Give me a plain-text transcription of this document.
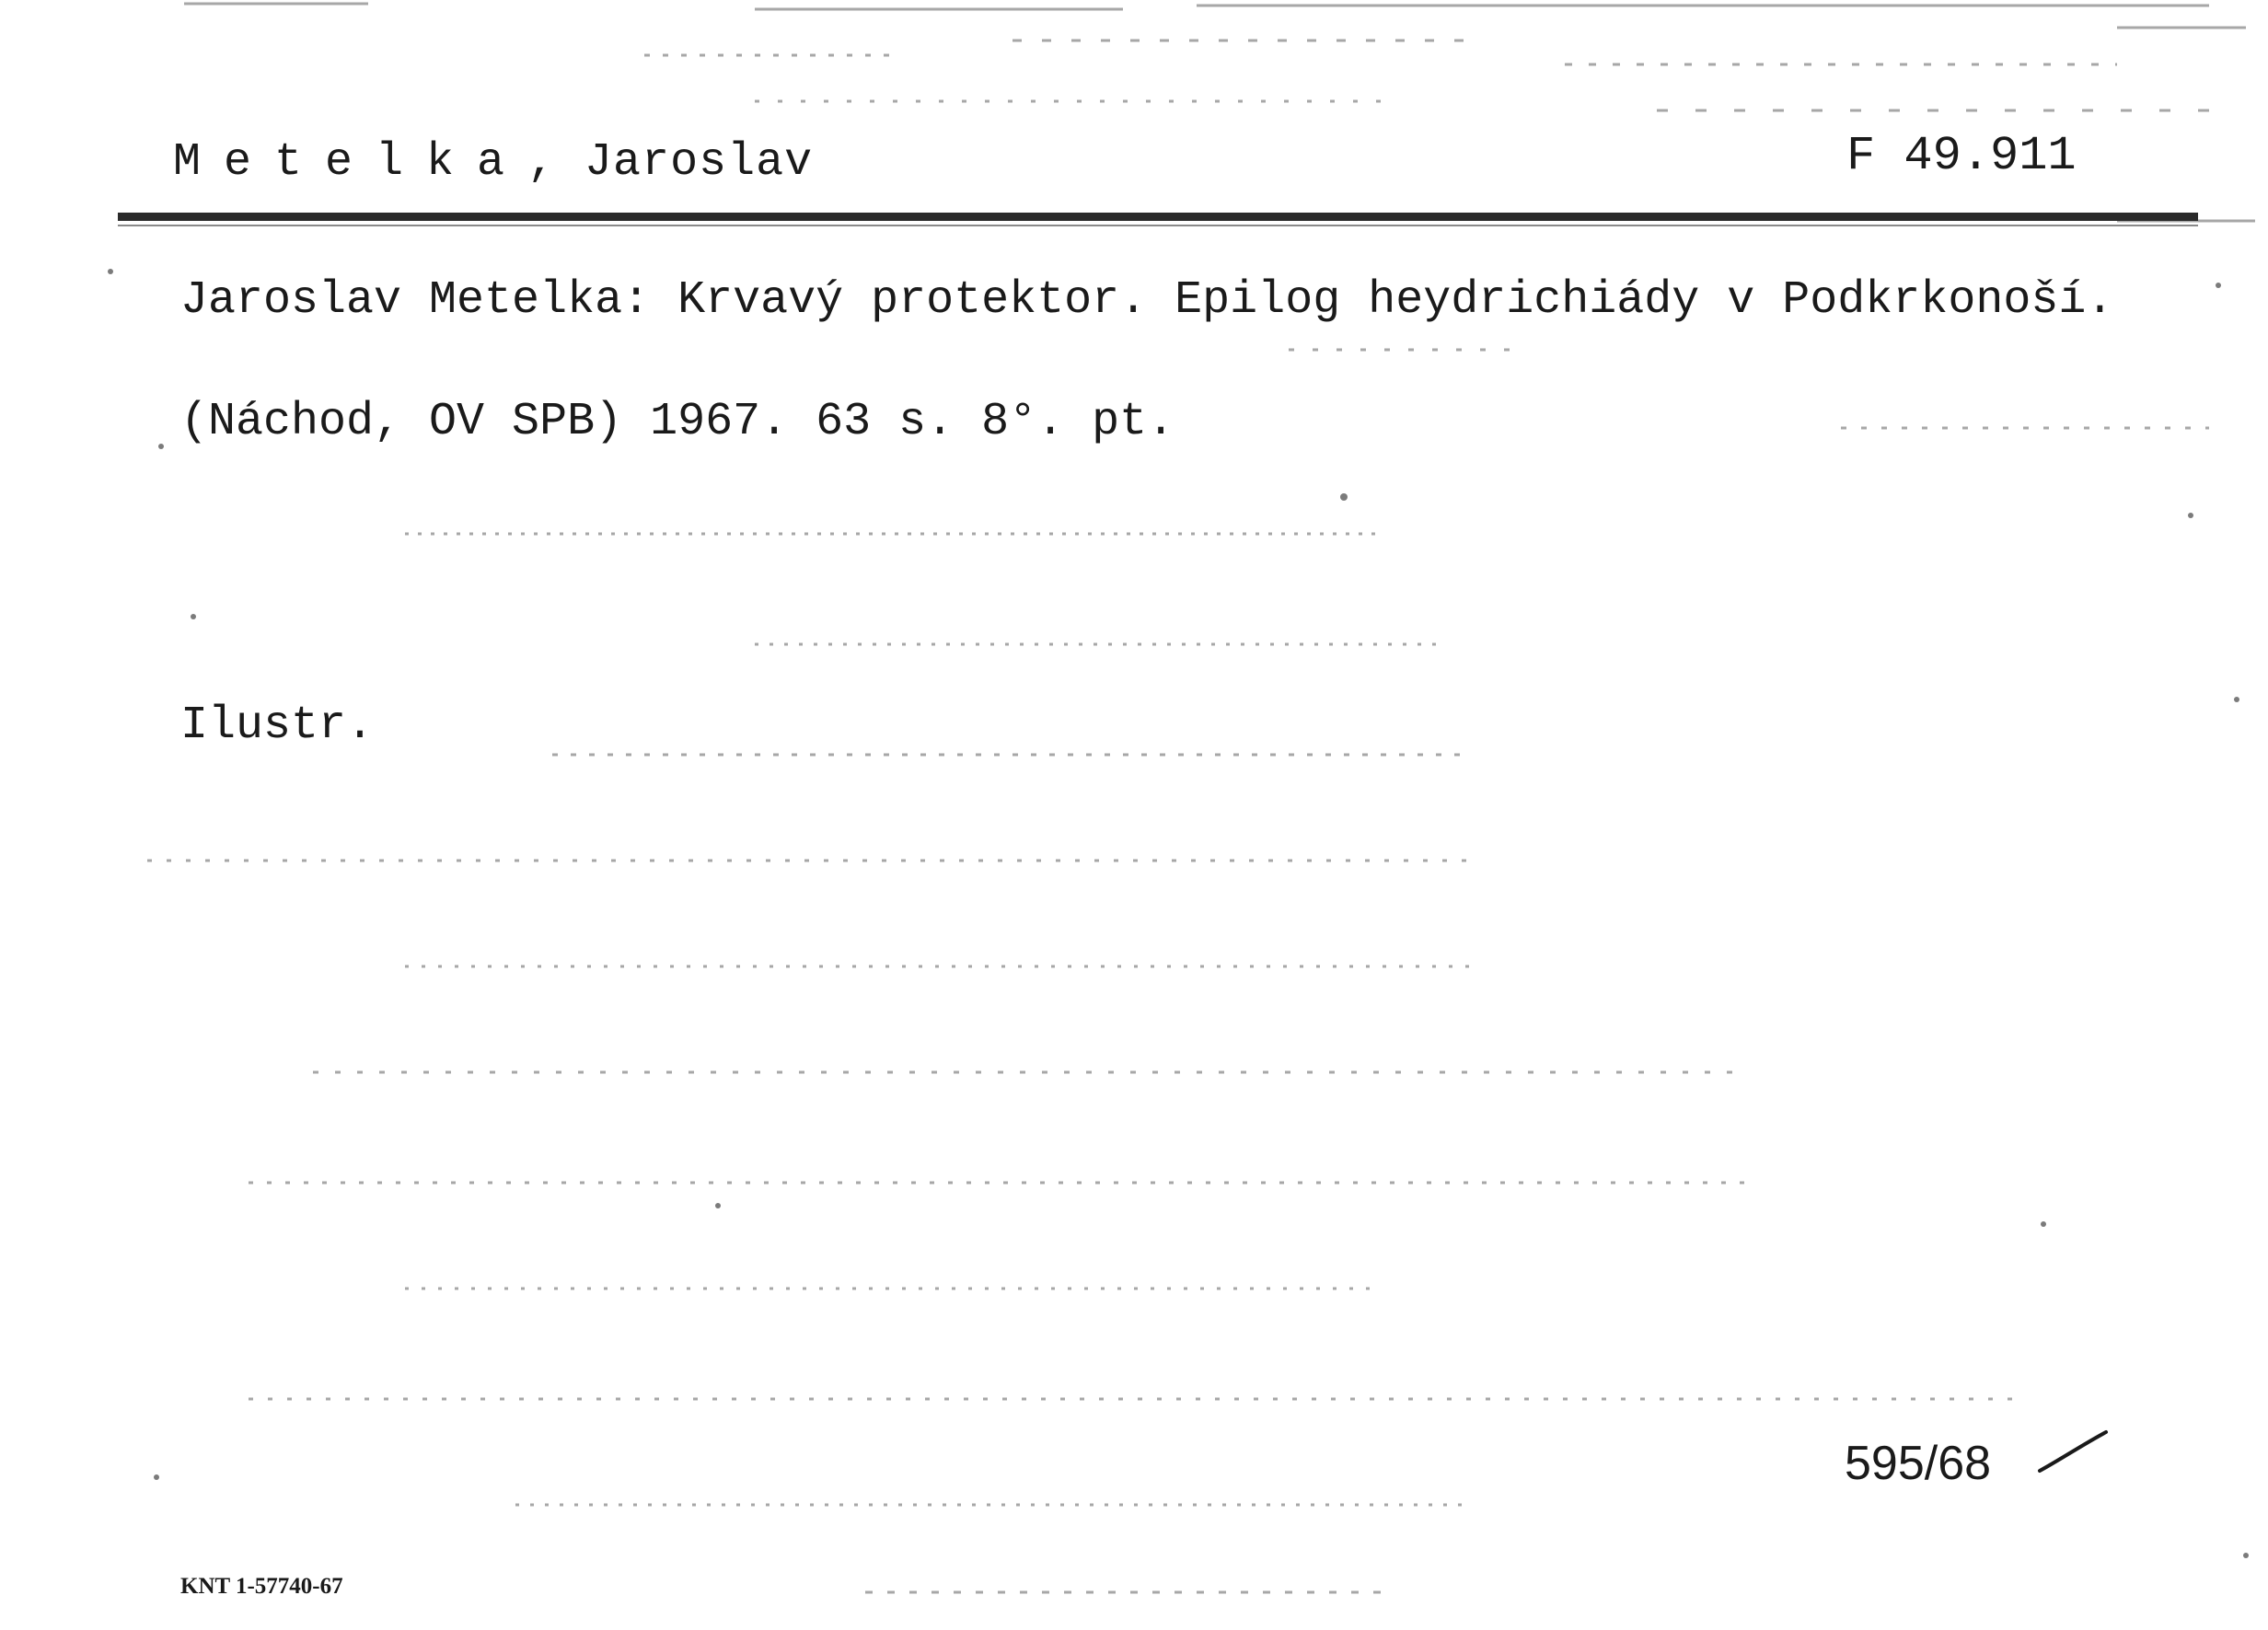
Metelka, Jaroslav	F 49.911
Jaroslav Metelka: Krvavý protektor. Epilog heydrichiády v Podkrkonoší.
(Náchod, OV SPB) 1967. 63 s. 8°. pt.
Ilustr.
595/68
KNT 1-57740-67
